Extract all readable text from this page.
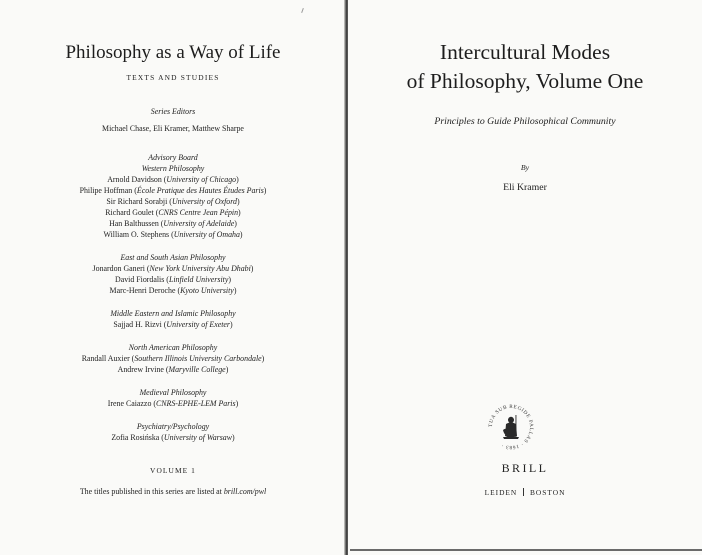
Philosophy as a Way of Life
TEXTS AND STUDIES
Series Editors
Michael Chase, Eli Kramer, Matthew Sharpe
Advisory Board
Western Philosophy
Arnold Davidson (University of Chicago)
Philipe Hoffman (École Pratique des Hautes Études Paris)
Sir Richard Sorabji (University of Oxford)
Richard Goulet (CNRS Centre Jean Pépin)
Han Balthussen (University of Adelaide)
William O. Stephens (University of Omaha)
East and South Asian Philosophy
Jonardon Ganeri (New York University Abu Dhabi)
David Fiordalis (Linfield University)
Marc-Henri Deroche (Kyoto University)
Middle Eastern and Islamic Philosophy
Sajjad H. Rizvi (University of Exeter)
North American Philosophy
Randall Auxier (Southern Illinois University Carbondale)
Andrew Irvine (Maryville College)
Medieval Philosophy
Irene Caiazzo (CNRS-EPHE-LEM Paris)
Psychiatry/Psychology
Zofia Rosińska (University of Warsaw)
VOLUME 1
The titles published in this series are listed at brill.com/pwl
Intercultural Modes
of Philosophy, Volume One
Principles to Guide Philosophical Community
By
Eli Kramer
BRILL
LEIDEN BOSTON
TUA SUB REGIDE PALLAS · 1683 ·
